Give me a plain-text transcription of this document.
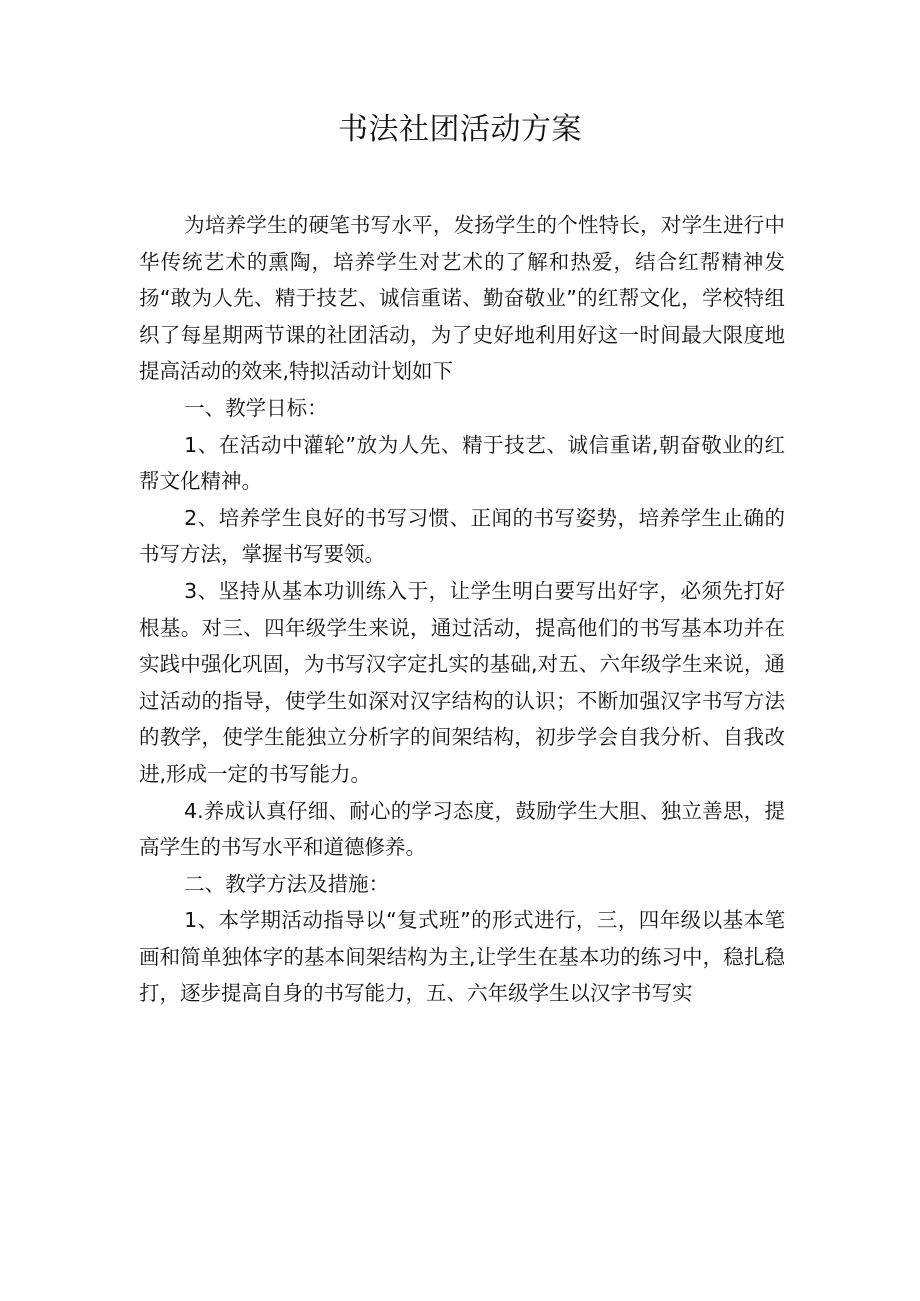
书法社团活动方案

为培养学生的硬笔书写水平，发扬学生的个性特长，对学生进行中华传统艺术的熏陶，培养学生对艺术的了解和热爱，结合红帮精神发扬“敢为人先、精于技艺、诚信重诺、勤奋敬业”的红帮文化，学校特组织了每星期两节课的社团活动，为了史好地利用好这一时间最大限度地提高活动的效来,特拟活动计划如下

一、教学日标：

1、在活动中灌轮”放为人先、精于技艺、诚信重诺,朝奋敬业的红帮文化精神。

2、培养学生良好的书写习惯、正闻的书写姿势，培养学生止确的书写方法，掌握书写要领。

3、坚持从基本功训练入于，让学生明白要写出好字，必须先打好根基。对三、四年级学生来说，通过活动，提高他们的书写基本功并在实践中强化巩固，为书写汉字定扎实的基础,对五、六年级学生来说，通过活动的指导，使学生如深对汉字结构的认识；不断加强汉字书写方法的教学，使学生能独立分析字的间架结构，初步学会自我分析、自我改进,形成一定的书写能力。

4.养成认真仔细、耐心的学习态度，鼓励学生大胆、独立善思，提高学生的书写水平和道德修养。

二、教学方法及措施：

1、本学期活动指导以“复式班”的形式进行，三，四年级以基本笔画和简单独体字的基本间架结构为主,让学生在基本功的练习中，稳扎稳打，逐步提高自身的书写能力，五、六年级学生以汉字书写实
